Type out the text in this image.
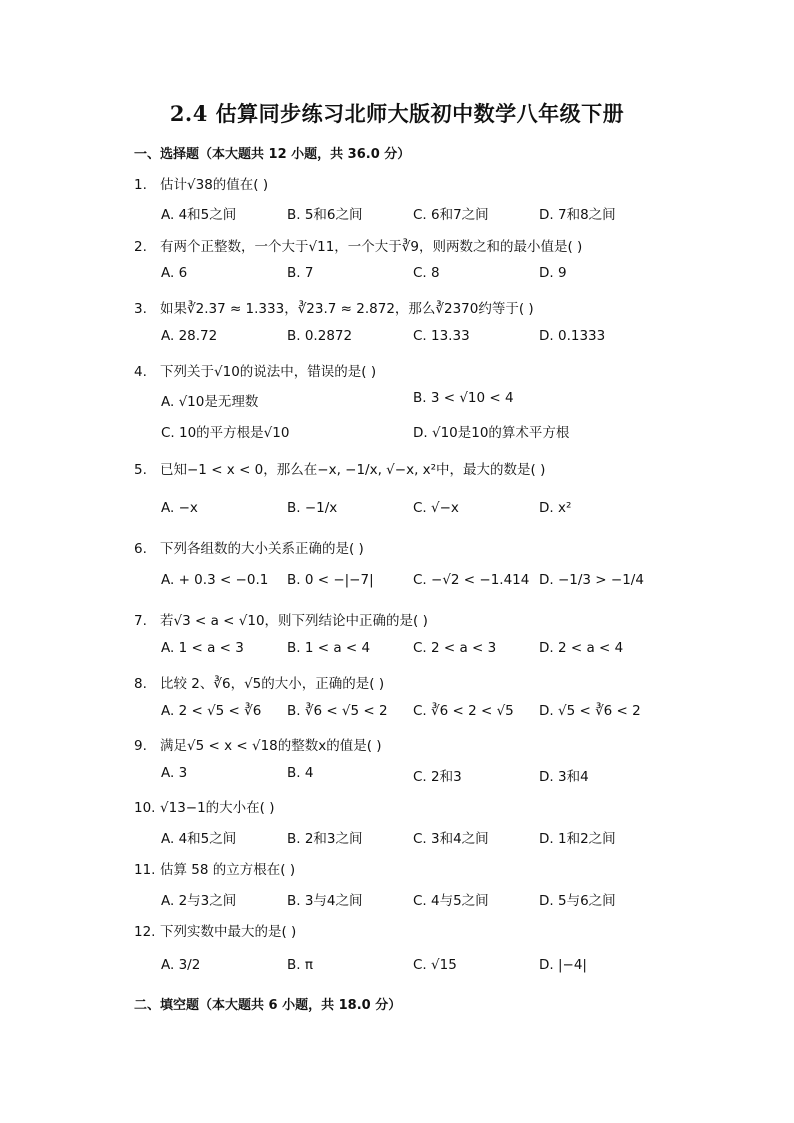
2.4 估算同步练习北师大版初中数学八年级下册
一、选择题（本大题共 12 小题，共 36.0 分）
1. 估计√38的值在( )
A. 4和5之间	B. 5和6之间	C. 6和7之间	D. 7和8之间
2. 有两个正整数，一个大于√11，一个大于∛9，则两数之和的最小值是( )
A. 6	B. 7	C. 8	D. 9
3. 如果∛2.37 ≈ 1.333，∛23.7 ≈ 2.872，那么∛2370约等于( )
A. 28.72	B. 0.2872	C. 13.33	D. 0.1333
4. 下列关于√10的说法中，错误的是( )
A. √10是无理数	B. 3 < √10 < 4
C. 10的平方根是√10	D. √10是10的算术平方根
5. 已知−1 < x < 0，那么在−x, −1/x, √−x, x²中，最大的数是( )
A. −x	B. −1/x	C. √−x	D. x²
6. 下列各组数的大小关系正确的是( )
A. + 0.3 < −0.1 B. 0 < −|−7|	C. −√2 < −1.414 D. −1/3 > −1/4
7. 若√3 < a < √10，则下列结论中正确的是( )
A. 1 < a < 3	B. 1 < a < 4	C. 2 < a < 3	D. 2 < a < 4
8. 比较 2、∛6，√5的大小，正确的是( )
A. 2 < √5 < ∛6 B. ∛6 < √5 < 2 C. ∛6 < 2 < √5 D. √5 < ∛6 < 2
9. 满足√5 < x < √18的整数x的值是( )
A. 3	B. 4	C. 2和3	D. 3和4
10. √13−1的大小在( )
A. 4和5之间	B. 2和3之间	C. 3和4之间	D. 1和2之间
11. 估算 58 的立方根在( )
A. 2与3之间	B. 3与4之间	C. 4与5之间	D. 5与6之间
12. 下列实数中最大的是( )
A. 3/2	B. π	C. √15	D. |−4|
二、填空题（本大题共 6 小题，共 18.0 分）
